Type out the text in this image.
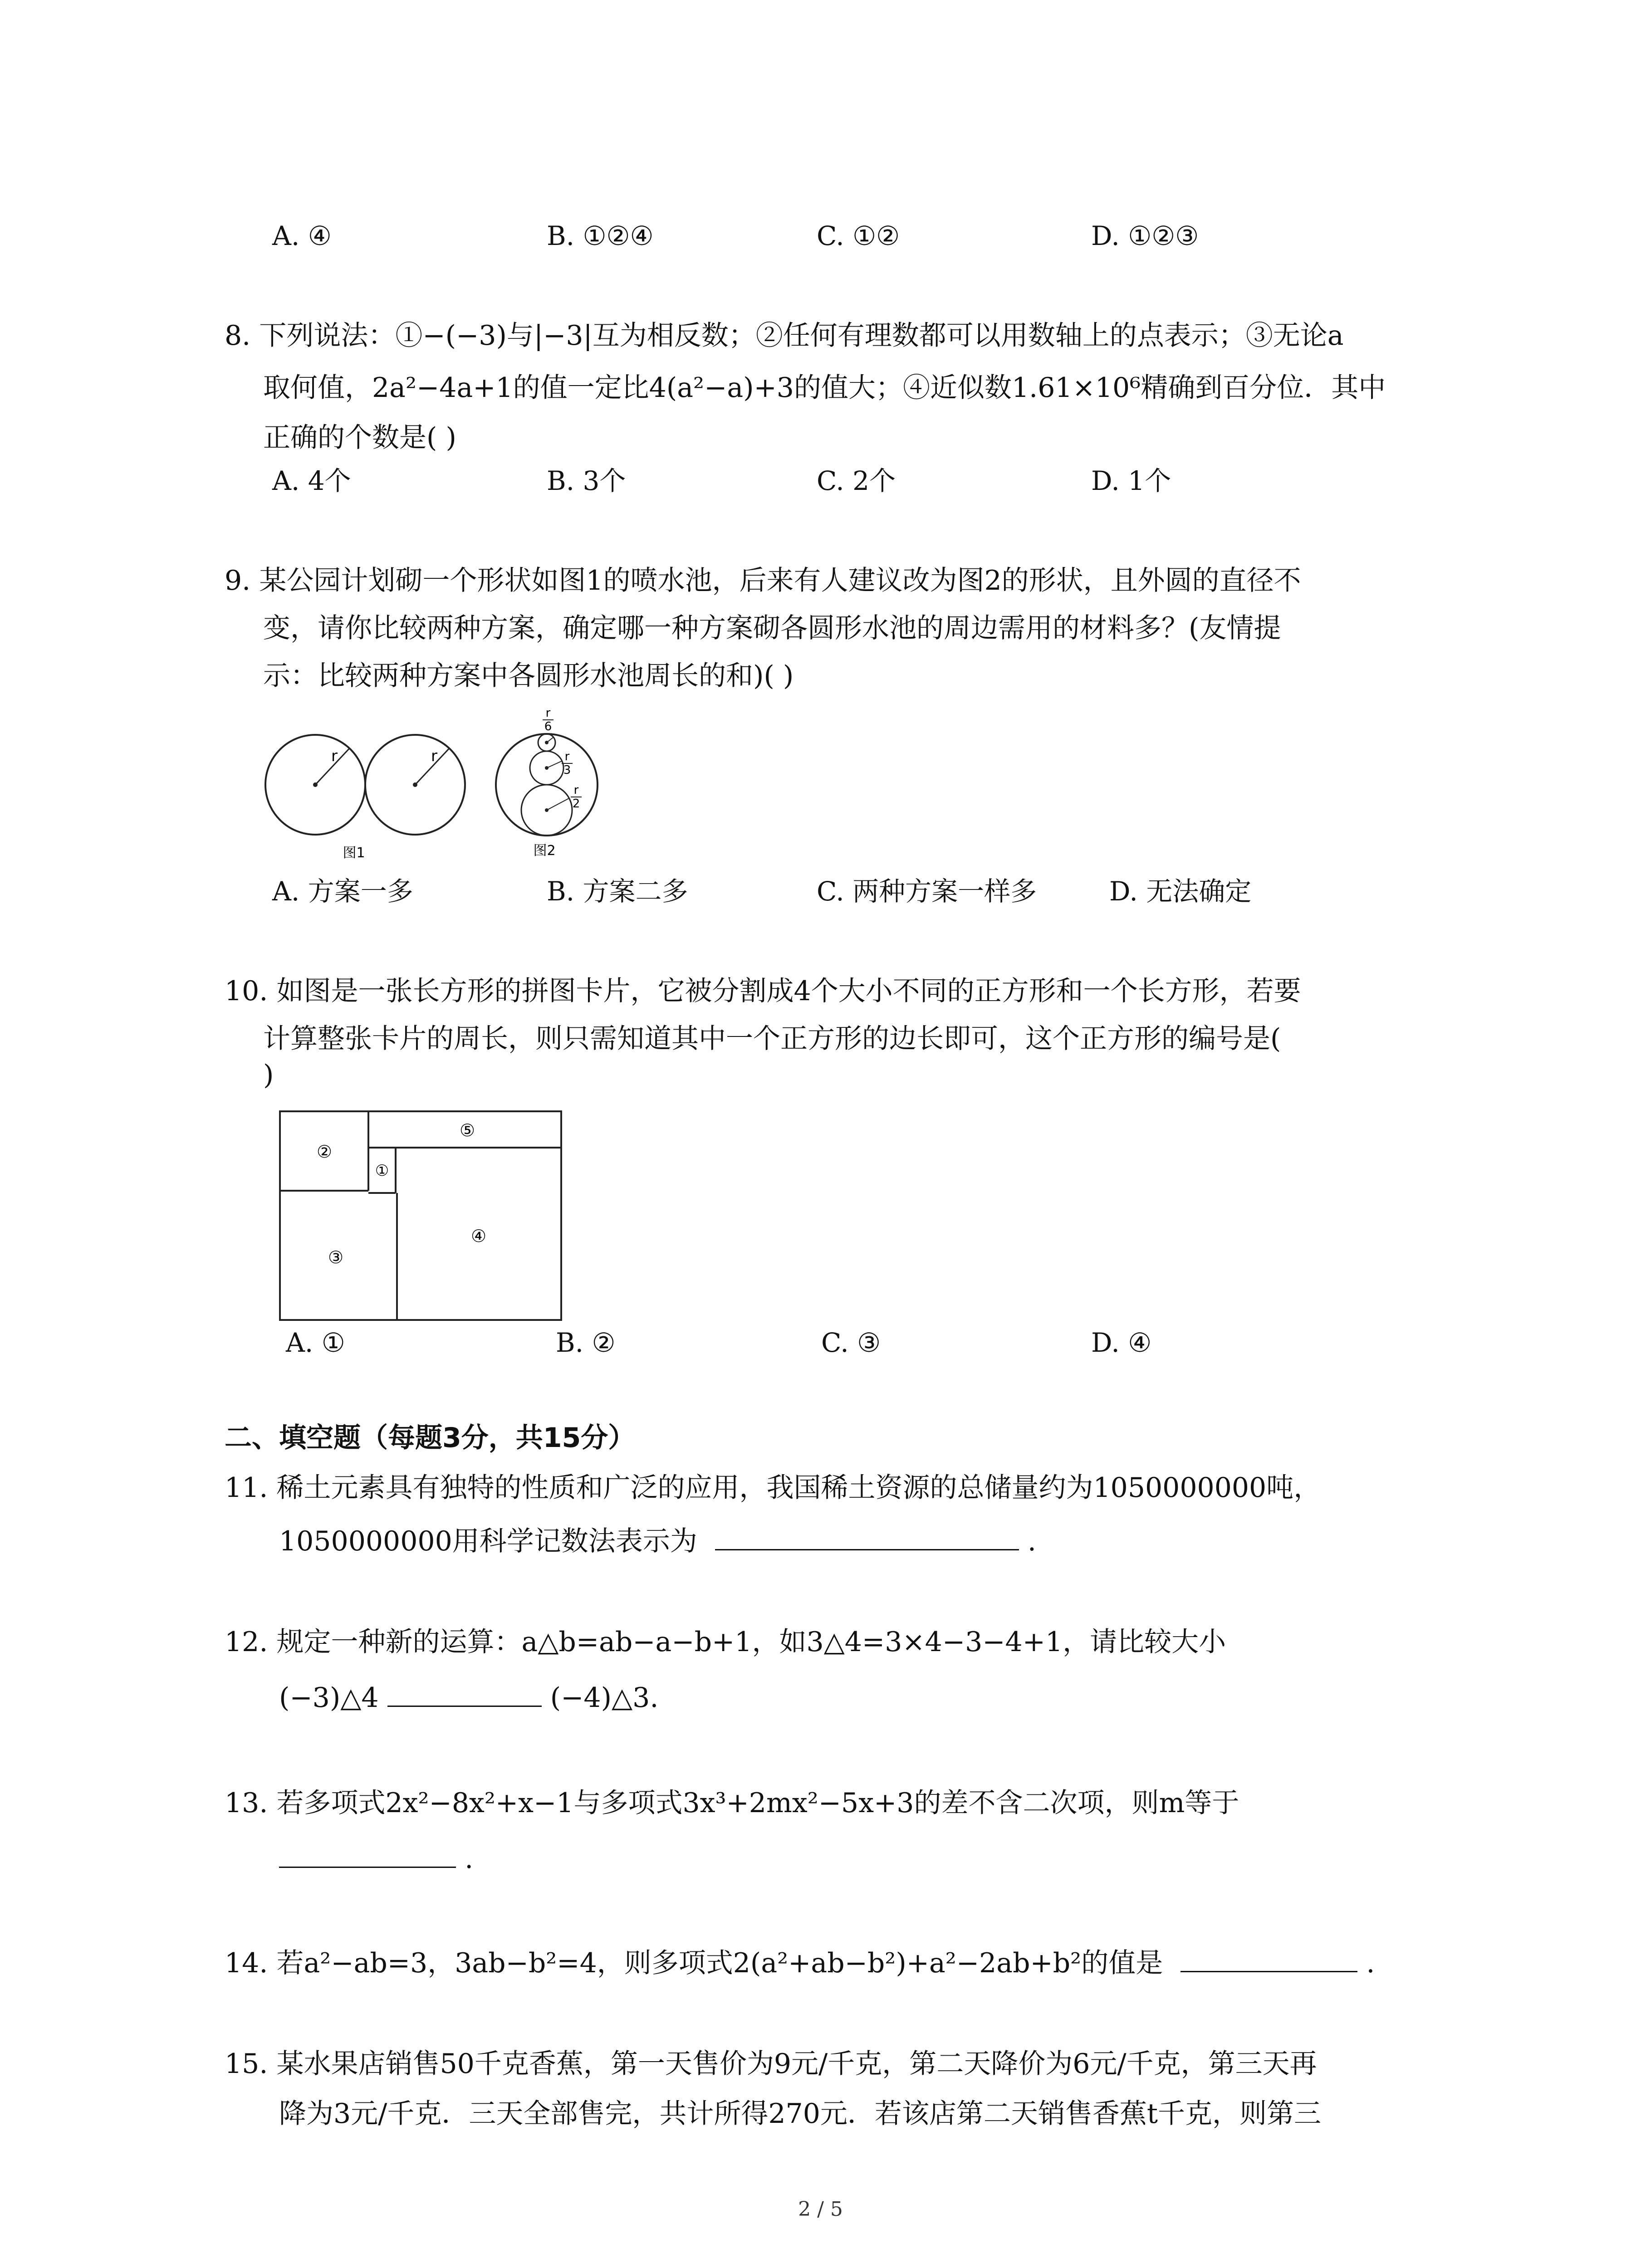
A. ④	B. ①②④	C. ①②	D. ①②③
8. 下列说法：①−(−3)与|−3|互为相反数；②任何有理数都可以用数轴上的点表示；③无论a
取何值，2a²−4a+1的值一定比4(a²−a)+3的值大；④近似数1.61×10⁶精确到百分位．其中
正确的个数是( )
A. 4个	B. 3个	C. 2个	D. 1个
9. 某公园计划砌一个形状如图1的喷水池，后来有人建议改为图2的形状，且外圆的直径不
变，请你比较两种方案，确定哪一种方案砌各圆形水池的周边需用的材料多？(友情提
示：比较两种方案中各圆形水池周长的和)( )
r	r
图1
r
6
r
3
r
2
图2
A. 方案一多	B. 方案二多	C. 两种方案一样多	D. 无法确定
10. 如图是一张长方形的拼图卡片，它被分割成4个大小不同的正方形和一个长方形，若要
计算整张卡片的周长，则只需知道其中一个正方形的边长即可，这个正方形的编号是(
)
②
①
③
④
⑤
A. ①	B. ②	C. ③	D. ④
二、填空题（每题3分，共15分）
11. 稀土元素具有独特的性质和广泛的应用，我国稀土资源的总储量约为1050000000吨，
1050000000用科学记数法表示为	.
12. 规定一种新的运算：a△b=ab−a−b+1，如3△4=3×4−3−4+1，请比较大小
(−3)△4	(−4)△3.
13. 若多项式2x²−8x²+x−1与多项式3x³+2mx²−5x+3的差不含二次项，则m等于
.
14. 若a²−ab=3，3ab−b²=4，则多项式2(a²+ab−b²)+a²−2ab+b²的值是	.
15. 某水果店销售50千克香蕉，第一天售价为9元/千克，第二天降价为6元/千克，第三天再
降为3元/千克．三天全部售完，共计所得270元．若该店第二天销售香蕉t千克，则第三
2 / 5
